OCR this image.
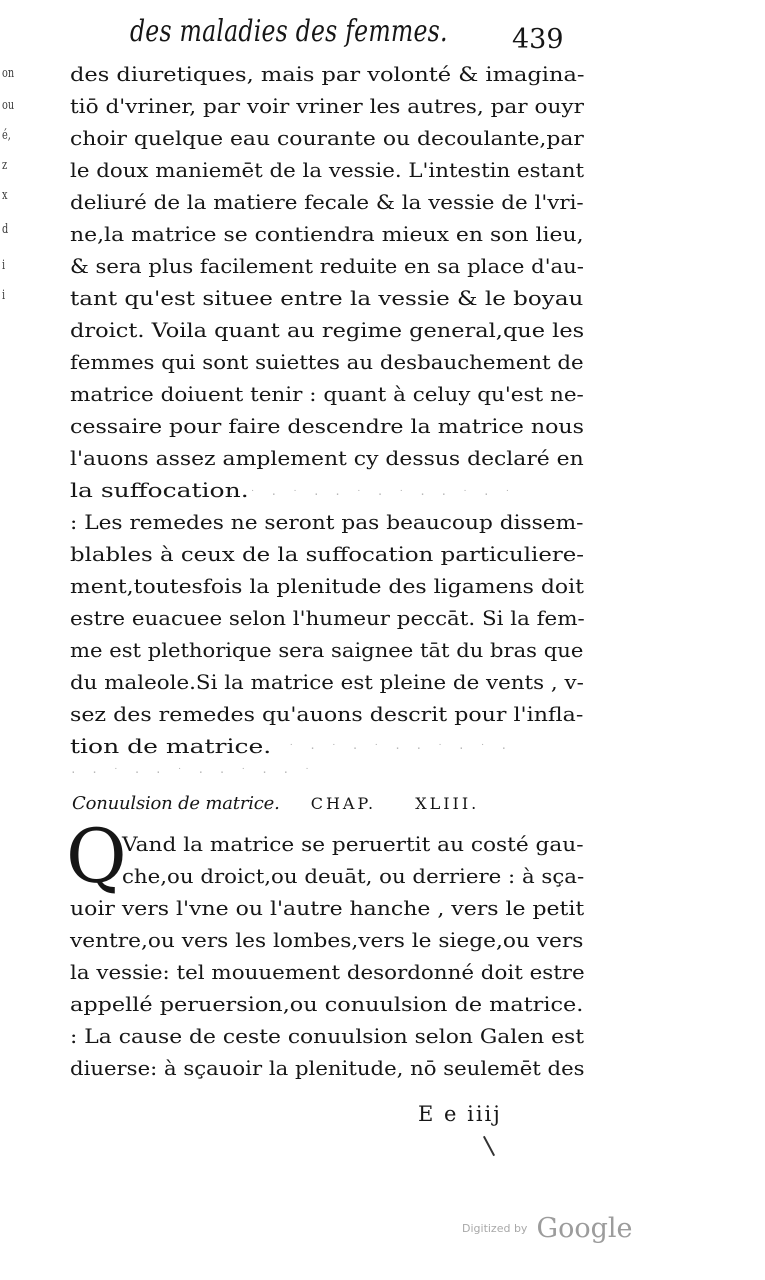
des maladies des femmes. 439
on
ou
é,
z
x
d
i
i
des diuretiques, mais par volonté & imagina-
tiō d'vriner, par voir vriner les autres, par ouyr
choir quelque eau courante ou decoulante,par
le doux maniemēt de la vessie. L'intestin estant
deliuré de la matiere fecale & la vessie de l'vri-
ne,la matrice se contiendra mieux en son lieu,
& sera plus facilement reduite en sa place d'au-
tant qu'est situee entre la vessie & le boyau
droict. Voila quant au regime general,que les
femmes qui sont suiettes au desbauchement de
matrice doiuent tenir : quant à celuy qu'est ne-
cessaire pour faire descendre la matrice nous
l'auons assez amplement cy dessus declaré en
la suffocation.
: Les remedes ne seront pas beaucoup dissem-
blables à ceux de la suffocation particuliere-
ment,toutesfois la plenitude des ligamens doit
estre euacuee selon l'humeur peccāt. Si la fem-
me est plethorique sera saignee tāt du bras que
du maleole.Si la matrice est pleine de vents , v-
sez des remedes qu'auons descrit pour l'infla-
tion de matrice.
· ˙ · ˙ · · ˙ · ˙ · · ˙ · ˙
˙ · ˙ · ˙ · · ˙ · ˙ ·
· · ˙ · · ˙ · · ˙ · · ˙
Conuulsion de matrice. CHAP. XLIII.
Q
Vand la matrice se peruertit au costé gau-
che,ou droict,ou deuāt, ou derriere : à sça-
uoir vers l'vne ou l'autre hanche , vers le petit
ventre,ou vers les lombes,vers le siege,ou vers
la vessie: tel mouuement desordonné doit estre
appellé peruersion,ou conuulsion de matrice.
: La cause de ceste conuulsion selon Galen est
diuerse: à sçauoir la plenitude, nō seulemēt des
E e iiij
Digitized by Google
